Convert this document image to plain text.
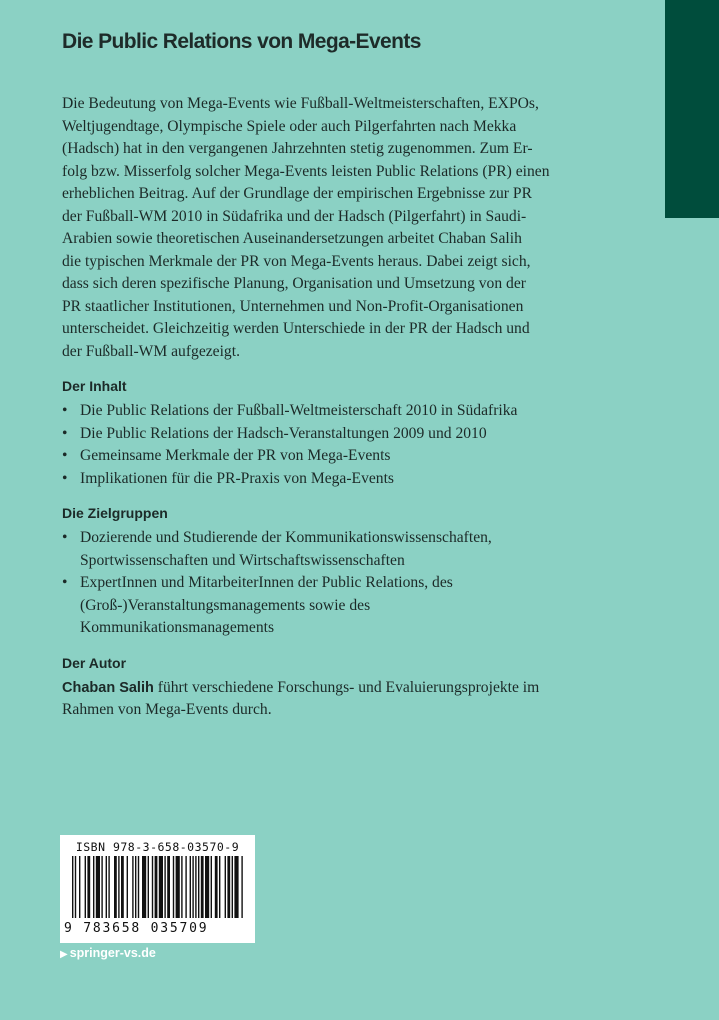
Die Public Relations von Mega-Events

Die Bedeutung von Mega-Events wie Fußball-Weltmeisterschaften, EXPOs,
Weltjugendtage, Olympische Spiele oder auch Pilgerfahrten nach Mekka
(Hadsch) hat in den vergangenen Jahrzehnten stetig zugenommen. Zum Er-
folg bzw. Misserfolg solcher Mega-Events leisten Public Relations (PR) einen
erheblichen Beitrag. Auf der Grundlage der empirischen Ergebnisse zur PR
der Fußball-WM 2010 in Südafrika und der Hadsch (Pilgerfahrt) in Saudi-
Arabien sowie theoretischen Auseinandersetzungen arbeitet Chaban Salih
die typischen Merkmale der PR von Mega-Events heraus. Dabei zeigt sich,
dass sich deren spezifische Planung, Organisation und Umsetzung von der
PR staatlicher Institutionen, Unternehmen und Non-Profit-Organisationen
unterscheidet. Gleichzeitig werden Unterschiede in der PR der Hadsch und
der Fußball-WM aufgezeigt.

Der Inhalt
• Die Public Relations der Fußball-Weltmeisterschaft 2010 in Südafrika
• Die Public Relations der Hadsch-Veranstaltungen 2009 und 2010
• Gemeinsame Merkmale der PR von Mega-Events
• Implikationen für die PR-Praxis von Mega-Events
Die Zielgruppen
• Dozierende und Studierende der Kommunikationswissenschaften,
Sportwissenschaften und Wirtschaftswissenschaften
• ExpertInnen und MitarbeiterInnen der Public Relations, des
(Groß-)Veranstaltungsmanagements sowie des
Kommunikationsmanagements
Der Autor

Chaban Salih führt verschiedene Forschungs- und Evaluierungsprojekte im
Rahmen von Mega-Events durch.

ISBN 978-3-658-03570-9
9 783658 035709
▶ springer-vs.de
